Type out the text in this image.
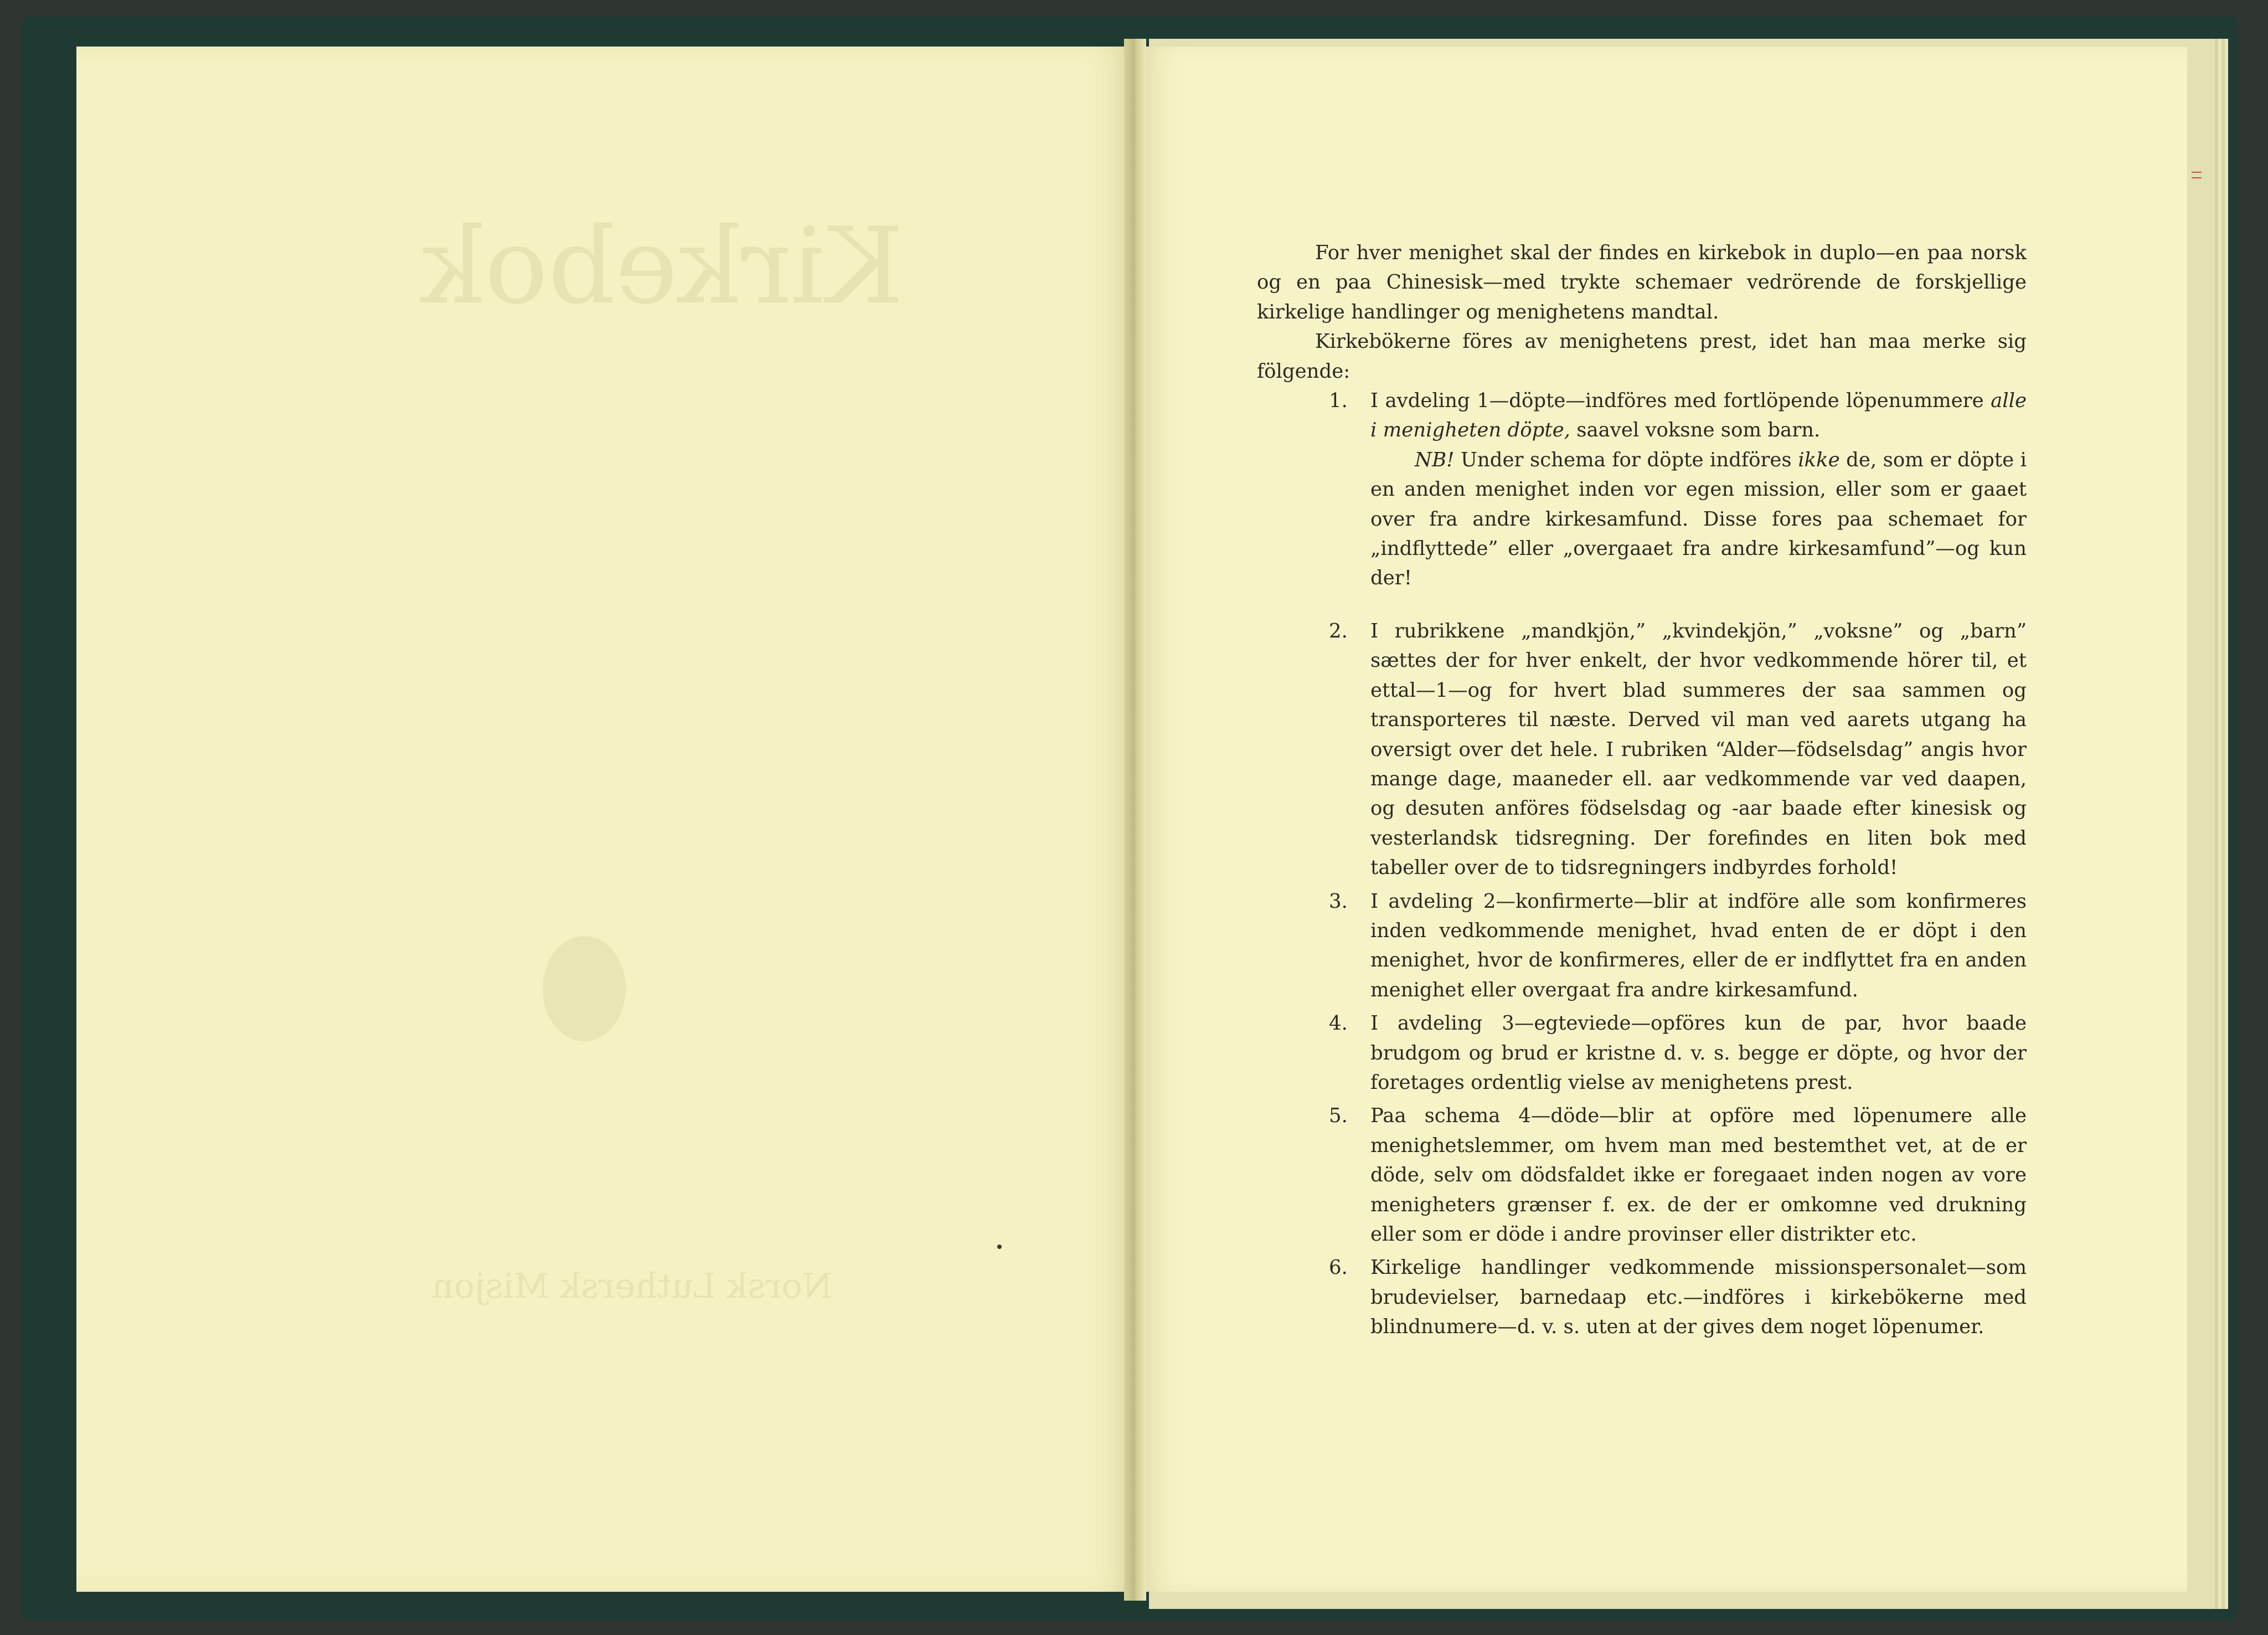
Kirkebok
Norsk Luthersk Misjon

For hver menighet skal der findes en kirkebok in duplo—en paa norsk og en paa Chinesisk—med trykte schemaer vedrörende de forskjellige kirkelige handlinger og menighetens mandtal.

Kirkebökerne föres av menighetens prest, idet han maa merke sig fölgende:

1. I avdeling 1—döpte—indföres med fortlöpende löpenummere alle i menigheten döpte, saavel voksne som barn.

NB! Under schema for döpte indföres ikke de, som er döpte i en anden menighet inden vor egen mission, eller som er gaaet over fra andre kirkesamfund. Disse fores paa schemaet for „indflyttede” eller „overgaaet fra andre kirkesamfund”—og kun der!

2. I rubrikkene „mandkjön,” „kvindekjön,” „voksne” og „barn” sættes der for hver enkelt, der hvor vedkommende hörer til, et ettal—1—og for hvert blad summeres der saa sammen og transporteres til næste. Derved vil man ved aarets utgang ha oversigt over det hele. I rubriken “Alder—födselsdag” angis hvor mange dage, maaneder ell. aar vedkommende var ved daapen, og desuten anföres födselsdag og -aar baade efter kinesisk og vesterlandsk tidsregning. Der forefindes en liten bok med tabeller over de to tidsregningers indbyrdes forhold!
3. I avdeling 2—konfirmerte—blir at indföre alle som konfirmeres inden vedkommende menighet, hvad enten de er döpt i den menighet, hvor de konfirmeres, eller de er indflyttet fra en anden menighet eller overgaat fra andre kirkesamfund.
4. I avdeling 3—egteviede—opföres kun de par, hvor baade brudgom og brud er kristne d. v. s. begge er döpte, og hvor der foretages ordentlig vielse av menighetens prest.
5. Paa schema 4—döde—blir at opföre med löpenumere alle menighetslemmer, om hvem man med bestemthet vet, at de er döde, selv om dödsfaldet ikke er foregaaet inden nogen av vore menigheters grænser f. ex. de der er omkomne ved drukning eller som er döde i andre provinser eller distrikter etc.
6. Kirkelige handlinger vedkommende missionspersonalet—som brudevielser, barnedaap etc.—indföres i kirkebökerne med blindnumere—d. v. s. uten at der gives dem noget löpenumer.
